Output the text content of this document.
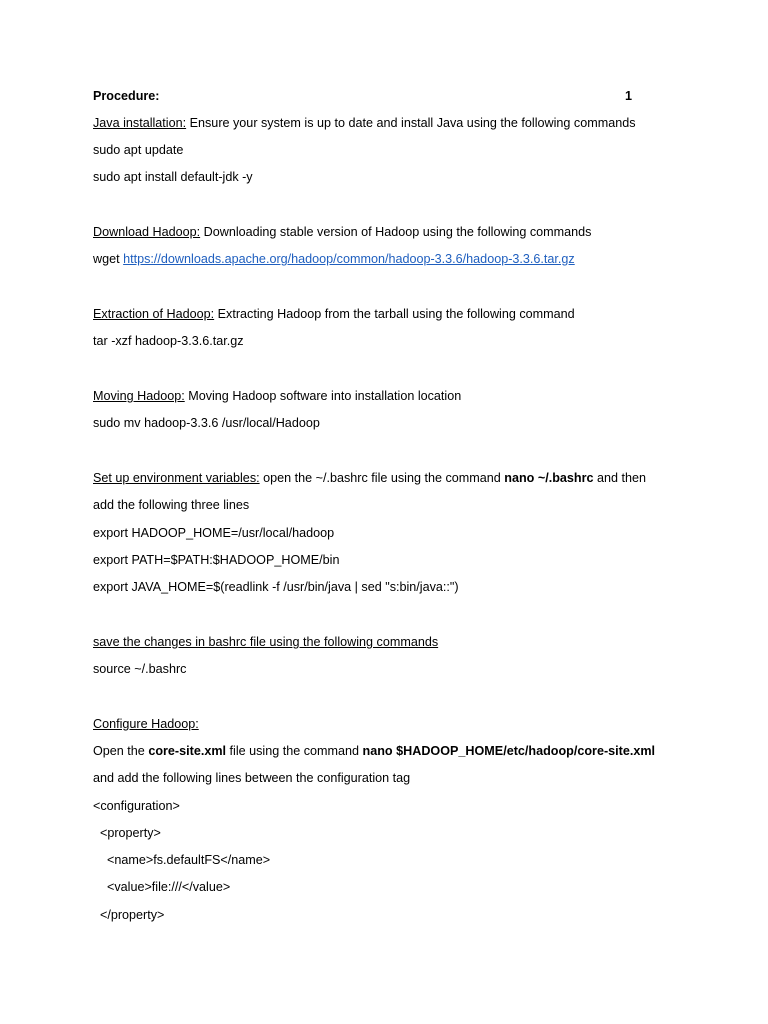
Procedure:	1
Java installation: Ensure your system is up to date and install Java using the following commands
sudo apt update
sudo apt install default-jdk -y
Download Hadoop: Downloading stable version of Hadoop using the following commands
wget https://downloads.apache.org/hadoop/common/hadoop-3.3.6/hadoop-3.3.6.tar.gz
Extraction of Hadoop: Extracting Hadoop from the tarball using the following command
tar -xzf hadoop-3.3.6.tar.gz
Moving Hadoop: Moving Hadoop software into installation location
sudo mv hadoop-3.3.6 /usr/local/Hadoop
Set up environment variables: open the ~/.bashrc file using the command nano ~/.bashrc and then
add the following three lines
export HADOOP_HOME=/usr/local/hadoop
export PATH=$PATH:$HADOOP_HOME/bin
export JAVA_HOME=$(readlink -f /usr/bin/java | sed "s:bin/java::")
save the changes in bashrc file using the following commands
source ~/.bashrc
Configure Hadoop:
Open the core-site.xml file using the command nano $HADOOP_HOME/etc/hadoop/core-site.xml
and add the following lines between the configuration tag
<configuration>
<property>
<name>fs.defaultFS</name>
<value>file:///</value>
</property>
